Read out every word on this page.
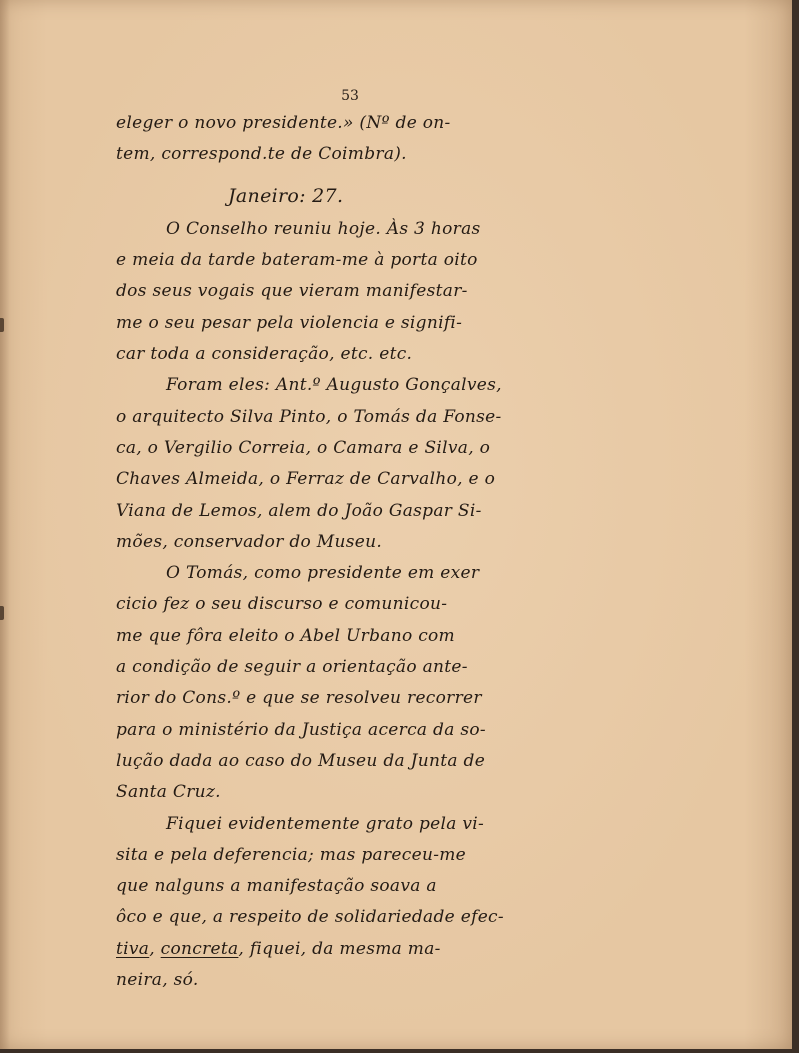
53
eleger o novo presidente.» (Nº de on-
tem, correspond.te de Coimbra).
Janeiro: 27.
O Conselho reuniu hoje. Às 3 horas
e meia da tarde bateram-me à porta oito
dos seus vogais que vieram manifestar-
me o seu pesar pela violencia e signifi-
car toda a consideração, etc. etc.
Foram eles: Ant.º Augusto Gonçalves,
o arquitecto Silva Pinto, o Tomás da Fonse-
ca, o Vergilio Correia, o Camara e Silva, o
Chaves Almeida, o Ferraz de Carvalho, e o
Viana de Lemos, alem do João Gaspar Si-
mões, conservador do Museu.
O Tomás, como presidente em exer
cicio fez o seu discurso e comunicou-
me que fôra eleito o Abel Urbano com
a condição de seguir a orientação ante-
rior do Cons.º e que se resolveu recorrer
para o ministério da Justiça acerca da so-
lução dada ao caso do Museu da Junta de
Santa Cruz.
Fiquei evidentemente grato pela vi-
sita e pela deferencia; mas pareceu-me
que nalguns a manifestação soava a
ôco e que, a respeito de solidariedade efec-
tiva, concreta, fiquei, da mesma ma-
neira, só.
